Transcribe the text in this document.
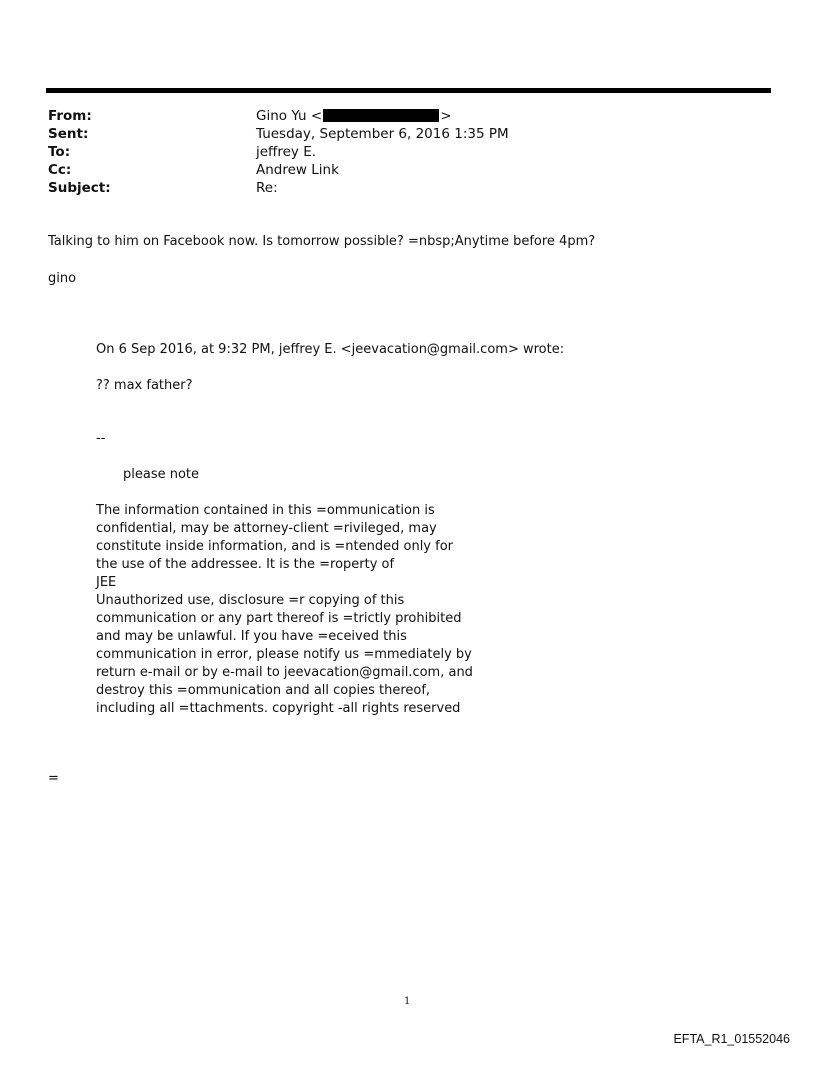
From:	Gino Yu <	>
Sent:	Tuesday, September 6, 2016 1:35 PM
To:	jeffrey E.
Cc:	Andrew Link
Subject:	Re:
Talking to him on Facebook now. Is tomorrow possible? =nbsp;Anytime before 4pm?
gino
On 6 Sep 2016, at 9:32 PM, jeffrey E. <jeevacation@gmail.com> wrote:
?? max father?
--
please note
The information contained in this =ommunication is
confidential, may be attorney-client =rivileged, may
constitute inside information, and is =ntended only for
the use of the addressee. It is the =roperty of
JEE
Unauthorized use, disclosure =r copying of this
communication or any part thereof is =trictly prohibited
and may be unlawful. If you have =eceived this
communication in error, please notify us =mmediately by
return e-mail or by e-mail to jeevacation@gmail.com, and
destroy this =ommunication and all copies thereof,
including all =ttachments. copyright -all rights reserved
=
1
EFTA_R1_01552046
